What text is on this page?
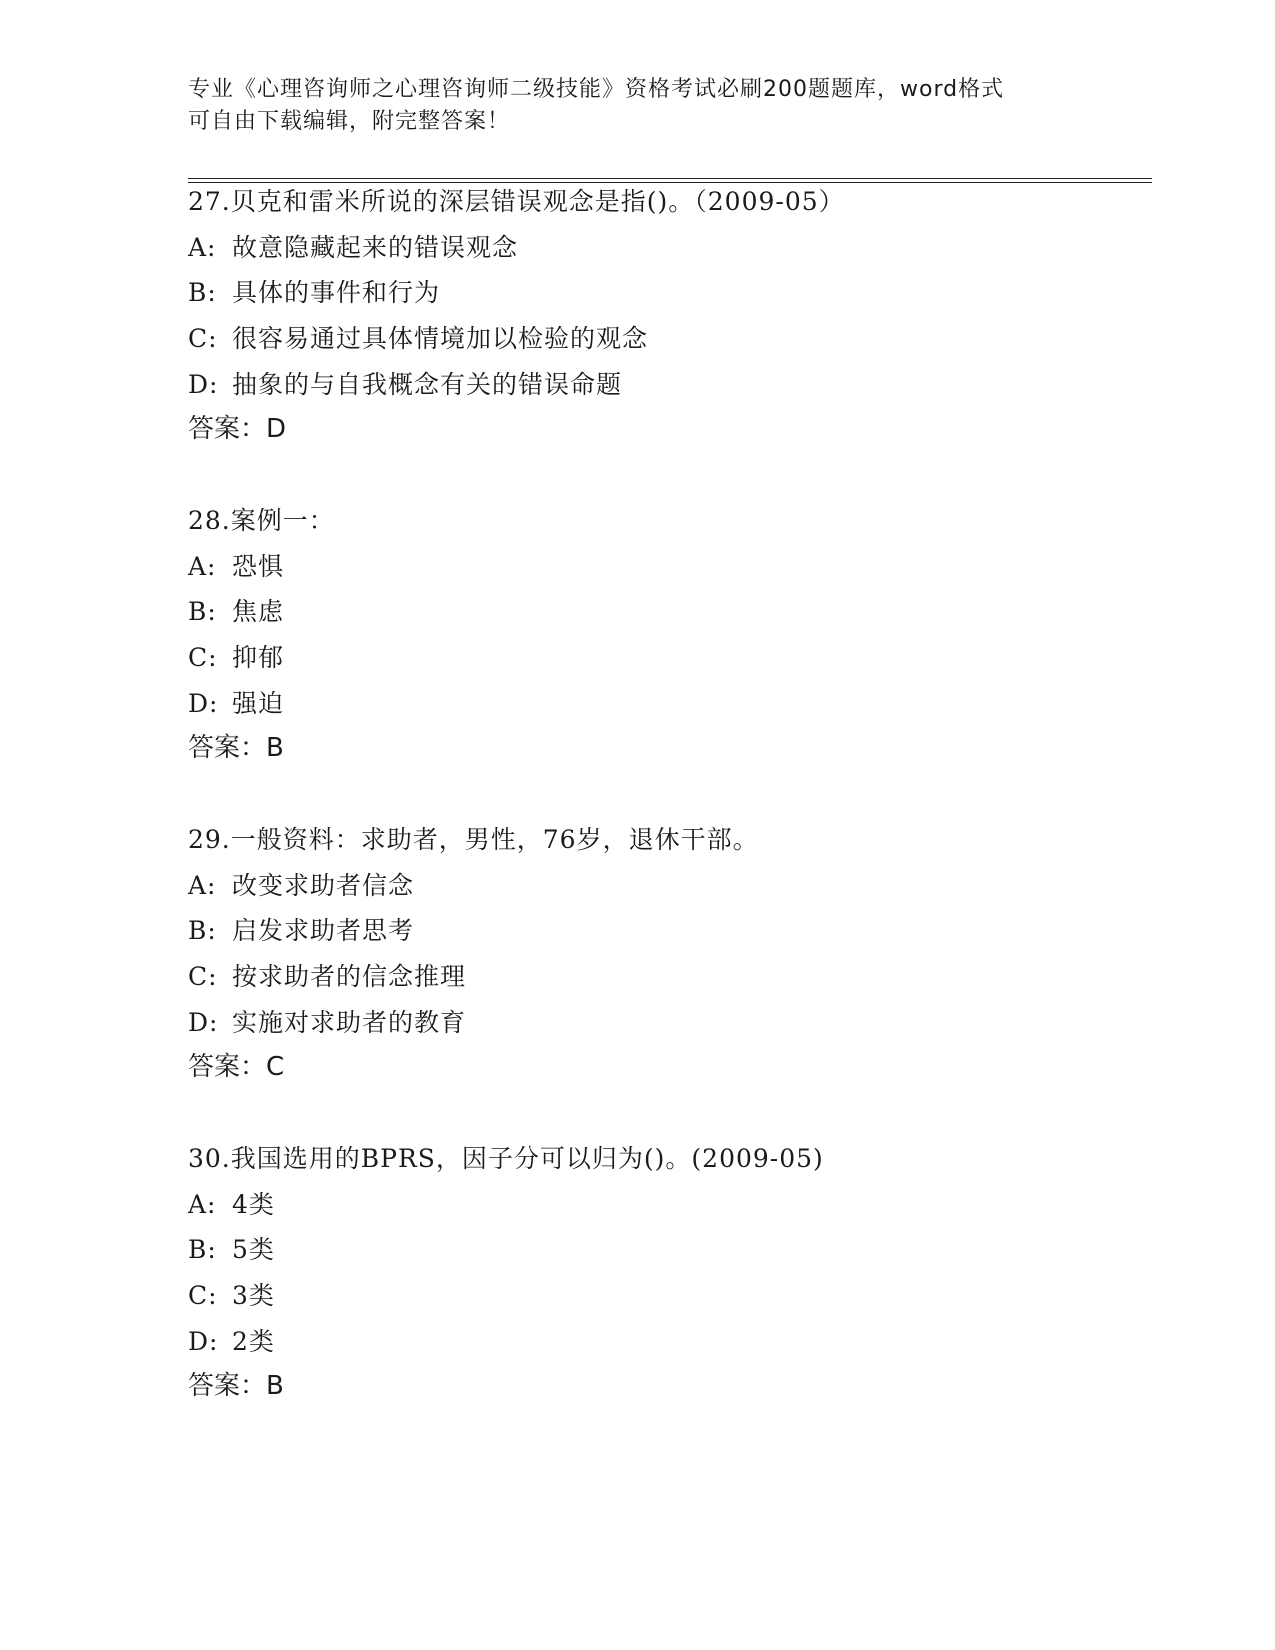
专业《心理咨询师之心理咨询师二级技能》资格考试必刷200题题库，word格式
可自由下载编辑，附完整答案！
27.贝克和雷米所说的深层错误观念是指()。（2009-05）
A: 故意隐藏起来的错误观念
B: 具体的事件和行为
C: 很容易通过具体情境加以检验的观念
D: 抽象的与自我概念有关的错误命题
答案：D
28.案例一：
A: 恐惧
B: 焦虑
C: 抑郁
D: 强迫
答案：B
29.一般资料：求助者，男性，76岁，退休干部。
A: 改变求助者信念
B: 启发求助者思考
C: 按求助者的信念推理
D: 实施对求助者的教育
答案：C
30.我国选用的BPRS，因子分可以归为()。(2009-05)
A: 4类
B: 5类
C: 3类
D: 2类
答案：B
